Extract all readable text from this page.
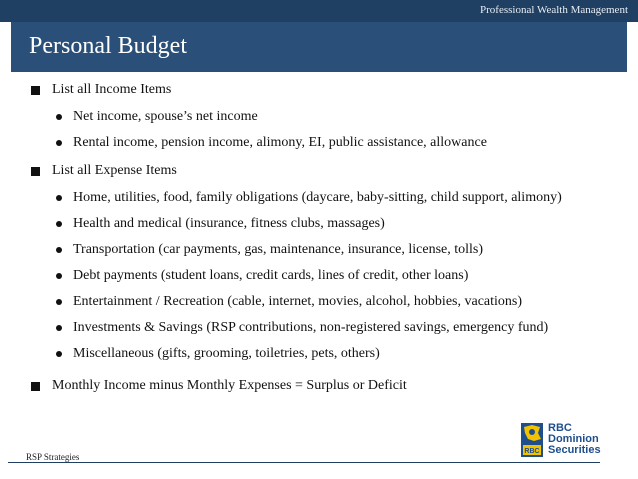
Professional Wealth Management
Personal Budget
List all Income Items
Net income, spouse’s net income
Rental income, pension income, alimony, EI, public assistance, allowance
List all Expense Items
Home, utilities, food, family obligations (daycare, baby-sitting, child support, alimony)
Health and medical (insurance, fitness clubs, massages)
Transportation (car payments, gas, maintenance, insurance, license, tolls)
Debt payments (student loans, credit cards, lines of credit, other loans)
Entertainment / Recreation (cable, internet, movies, alcohol, hobbies, vacations)
Investments & Savings (RSP contributions, non-registered savings, emergency fund)
Miscellaneous (gifts, grooming, toiletries, pets, others)
Monthly Income minus Monthly Expenses = Surplus or Deficit
RSP Strategies
RBC
RBC
Dominion
Securities
